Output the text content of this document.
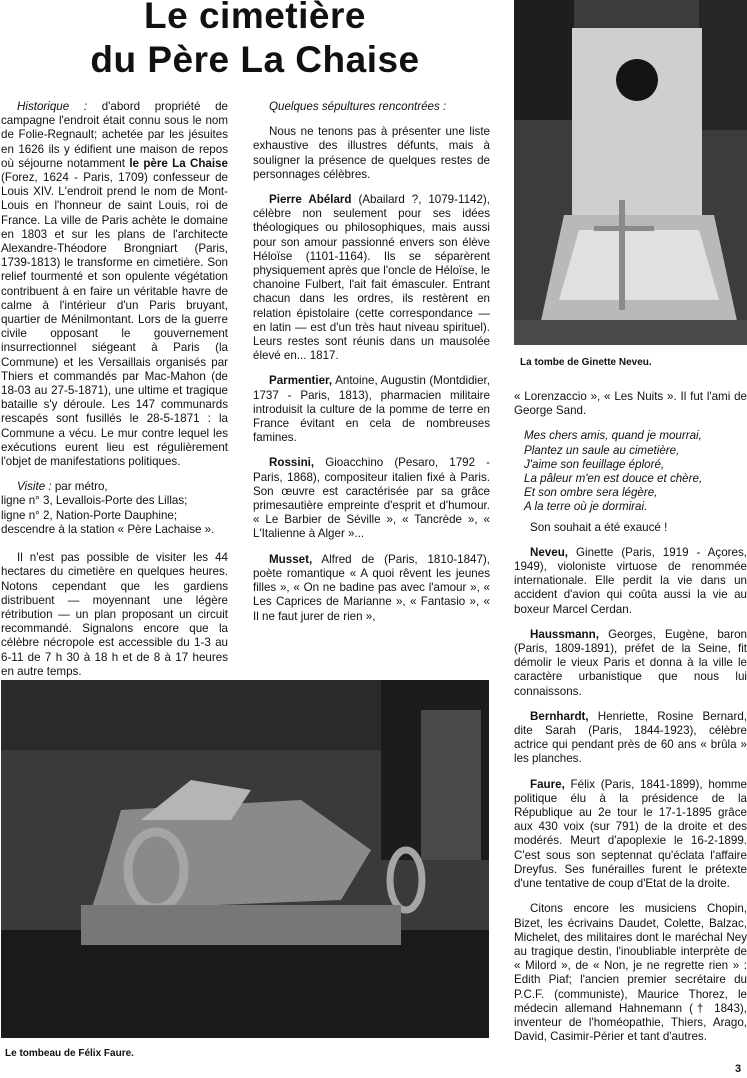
Le cimetière
du Père La Chaise

Historique : d'abord propriété de campagne l'endroit était connu sous le nom de Folie-Regnault; achetée par les jésuites en 1626 ils y édifient une maison de repos où séjourne notamment le père La Chaise (Forez, 1624 - Paris, 1709) confesseur de Louis XIV. L'endroit prend le nom de Mont-Louis en l'honneur de saint Louis, roi de France. La ville de Paris achète le domaine en 1803 et sur les plans de l'architecte Alexandre-Théodore Brongniart (Paris, 1739-1813) le transforme en cimetière. Son relief tourmenté et son opulente végétation contribuent à en faire un véritable havre de calme à l'intérieur d'un Paris bruyant, quartier de Ménilmontant. Lors de la guerre civile opposant le gouvernement insurrectionnel siégeant à Paris (la Commune) et les Versaillais organisés par Thiers et commandés par Mac-Mahon (de 18-03 au 27-5-1871), une ultime et tragique bataille s'y déroule. Les 147 communards rescapés sont fusillés le 28-5-1871 : la Commune a vécu. Le mur contre lequel les exécutions eurent lieu est régulièrement l'objet de manifestations politiques.

Visite : par métro,
ligne n° 3, Levallois-Porte des Lillas;
ligne n° 2, Nation-Porte Dauphine;
descendre à la station « Père Lachaise ».

Il n'est pas possible de visiter les 44 hectares du cimetière en quelques heures. Notons cependant que les gardiens distribuent — moyennant une légère rétribution — un plan proposant un circuit recommandé. Signalons encore que la célèbre nécropole est accessible du 1-3 au 6-11 de 7 h 30 à 18 h et de 8 à 17 heures en autre temps.

Quelques sépultures rencontrées :

Nous ne tenons pas à présenter une liste exhaustive des illustres défunts, mais à souligner la présence de quelques restes de personnages célèbres.

Pierre Abélard (Abailard ?, 1079-1142), célèbre non seulement pour ses idées théologiques ou philosophiques, mais aussi pour son amour passionné envers son élève Héloïse (1101-1164). Ils se séparèrent physiquement après que l'oncle de Héloïse, le chanoine Fulbert, l'ait fait émasculer. Entrant chacun dans les ordres, ils restèrent en relation épistolaire (cette correspondance — en latin — est d'un très haut niveau spirituel). Leurs restes sont réunis dans un mausolée élevé en... 1817.

Parmentier, Antoine, Augustin (Montdidier, 1737 - Paris, 1813), pharmacien militaire introduisit la culture de la pomme de terre en France évitant en cela de nombreuses famines.

Rossini, Gioacchino (Pesaro, 1792 - Paris, 1868), compositeur italien fixé à Paris. Son œuvre est caractérisée par sa grâce primesautière empreinte d'esprit et d'humour. « Le Barbier de Séville », « Tancrède », « L'Italienne à Alger »...

Musset, Alfred de (Paris, 1810-1847), poète romantique « A quoi rêvent les jeunes filles », « On ne badine pas avec l'amour », « Les Caprices de Marianne », « Fantasio », « Il ne faut jurer de rien »,

La tombe de Ginette Neveu.

« Lorenzaccio », « Les Nuits ». Il fut l'ami de George Sand.

Mes chers amis, quand je mourrai,
Plantez un saule au cimetière,
J'aime son feuillage éploré,
La pâleur m'en est douce et chère,
Et son ombre sera légère,
A la terre où je dormirai.

Son souhait a été exaucé !

Neveu, Ginette (Paris, 1919 - Açores, 1949), violoniste virtuose de renommée internationale. Elle perdit la vie dans un accident d'avion qui coûta aussi la vie au boxeur Marcel Cerdan.

Haussmann, Georges, Eugène, baron (Paris, 1809-1891), préfet de la Seine, fit démolir le vieux Paris et donna à la ville le caractère urbanistique que nous lui connaissons.

Bernhardt, Henriette, Rosine Bernard, dite Sarah (Paris, 1844-1923), célèbre actrice qui pendant près de 60 ans « brûla » les planches.

Faure, Félix (Paris, 1841-1899), homme politique élu à la présidence de la République au 2e tour le 17-1-1895 grâce aux 430 voix (sur 791) de la droite et des modérés. Meurt d'apoplexie le 16-2-1899. C'est sous son septennat qu'éclata l'affaire Dreyfus. Ses funérailles furent le prétexte d'une tentative de coup d'Etat de la droite.

Citons encore les musiciens Chopin, Bizet, les écrivains Daudet, Colette, Balzac, Michelet, des militaires dont le maréchal Ney au tragique destin, l'inoubliable interprète de « Milord », de « Non, je ne regrette rien » : Edith Piaf; l'ancien premier secrétaire du P.C.F. (communiste), Maurice Thorez, le médecin allemand Hahnemann († 1843), inventeur de l'homéopathie, Thiers, Arago, David, Casimir-Périer et tant d'autres.

Le tombeau de Félix Faure.
3
